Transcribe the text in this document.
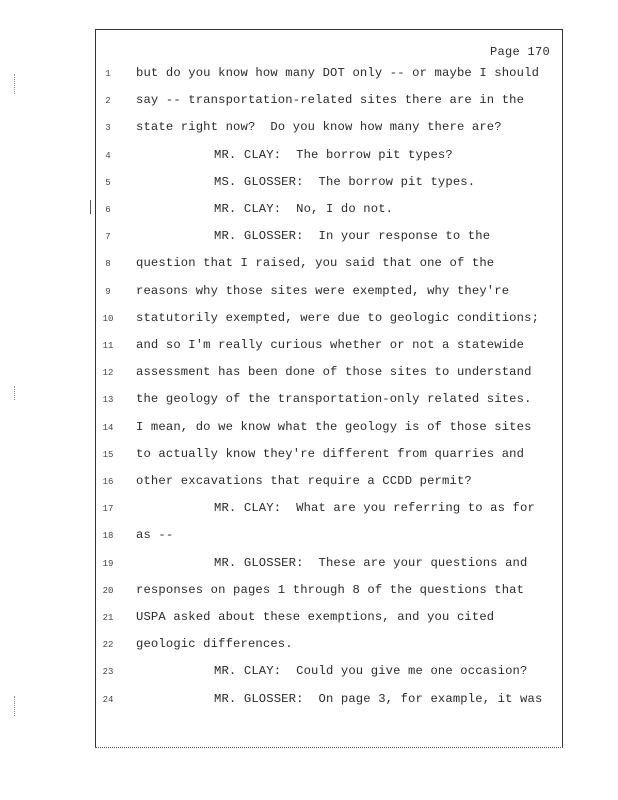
Page 170
1	but do you know how many DOT only -- or maybe I should
2	say -- transportation-related sites there are in the
3	state right now?  Do you know how many there are?
4	MR. CLAY:  The borrow pit types?
5	MS. GLOSSER:  The borrow pit types.
6	MR. CLAY:  No, I do not.
7	MR. GLOSSER:  In your response to the
8	question that I raised, you said that one of the
9	reasons why those sites were exempted, why they're
10 statutorily exempted, were due to geologic conditions;
11 and so I'm really curious whether or not a statewide
12 assessment has been done of those sites to understand
13 the geology of the transportation-only related sites.
14 I mean, do we know what the geology is of those sites
15 to actually know they're different from quarries and
16 other excavations that require a CCDD permit?
17	MR. CLAY:  What are you referring to as for
18 as --
19	MR. GLOSSER:  These are your questions and
20 responses on pages 1 through 8 of the questions that
21 USPA asked about these exemptions, and you cited
22 geologic differences.
23	MR. CLAY:  Could you give me one occasion?
24	MR. GLOSSER:  On page 3, for example, it was
